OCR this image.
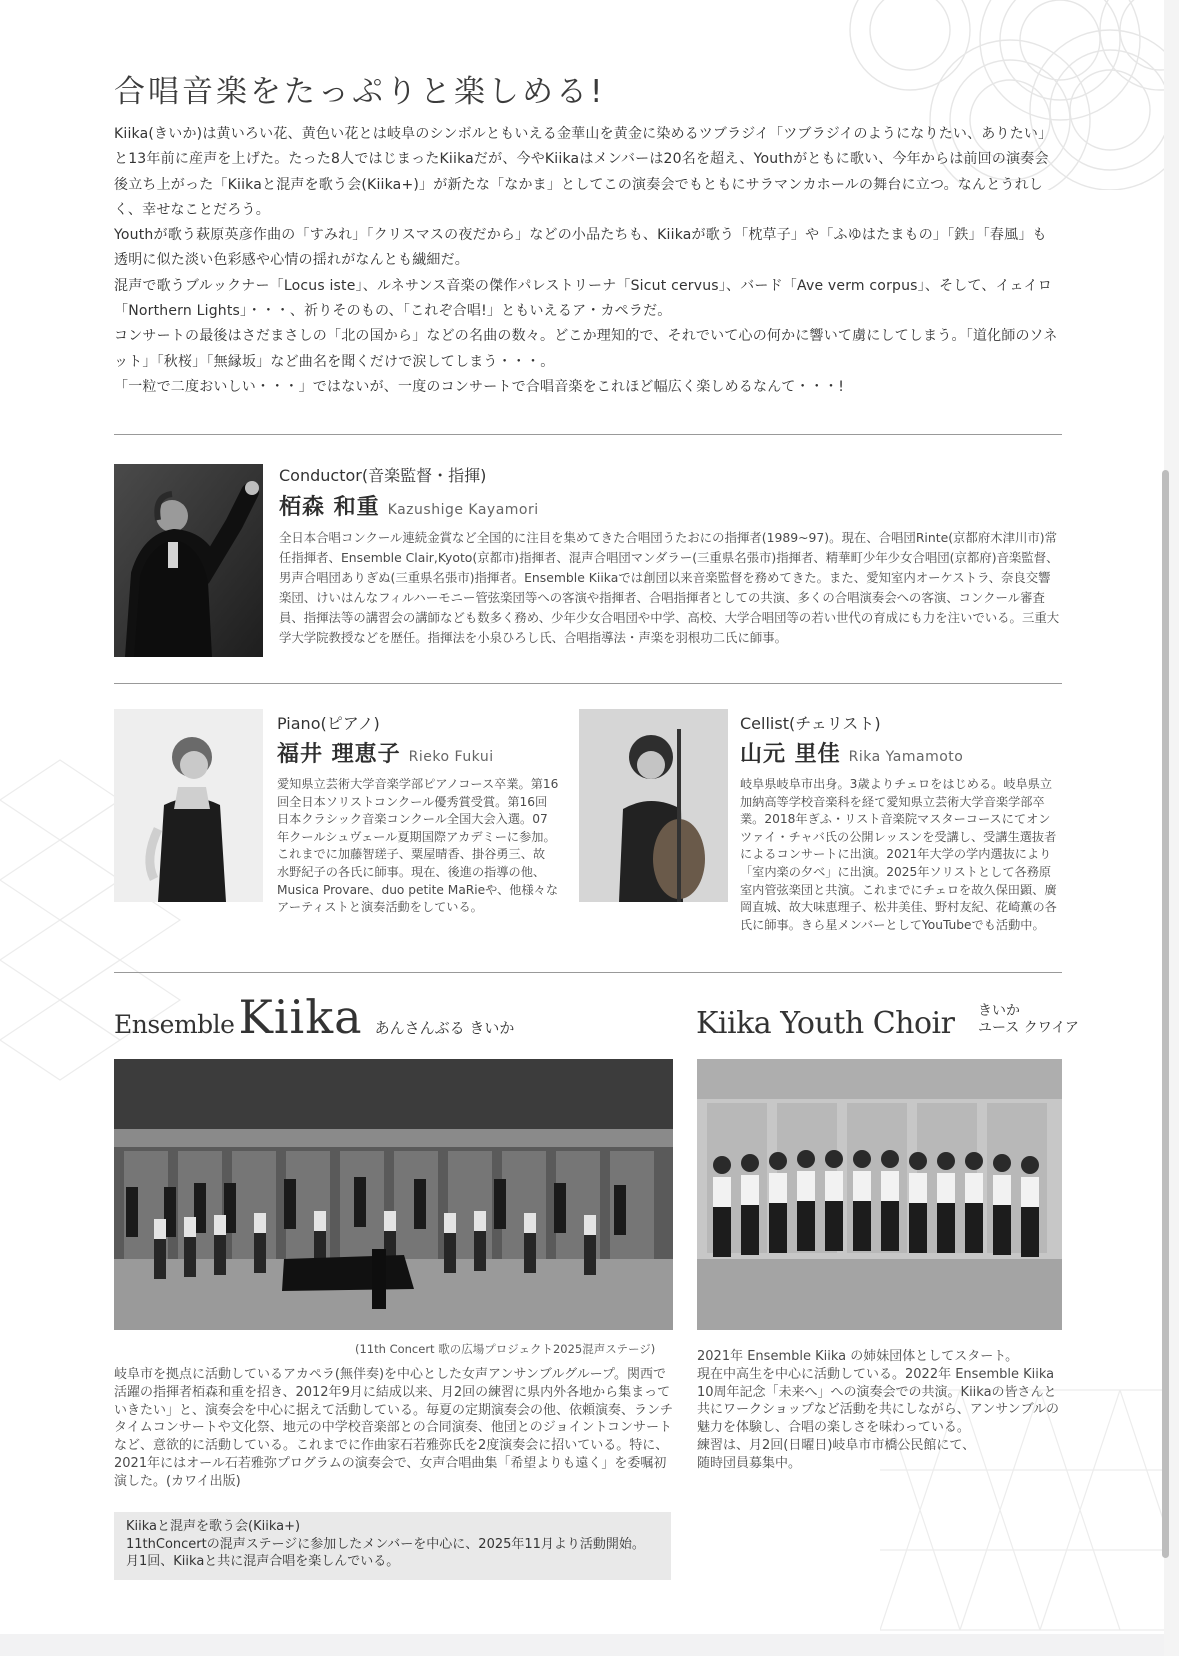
合唱音楽をたっぷりと楽しめる!

Kiika(きいか)は黄いろい花、黄色い花とは岐阜のシンボルともいえる金華山を黄金に染めるツブラジイ「ツブラジイのようになりたい、ありたい」と13年前に産声を上げた。たった8人ではじまったKiikaだが、今やKiikaはメンバーは20名を超え、Youthがともに歌い、今年からは前回の演奏会後立ち上がった「Kiikaと混声を歌う会(Kiika+)」が新たな「なかま」としてこの演奏会でもともにサラマンカホールの舞台に立つ。なんとうれしく、幸せなことだろう。

Youthが歌う萩原英彦作曲の「すみれ」「クリスマスの夜だから」などの小品たちも、Kiikaが歌う「枕草子」や「ふゆはたまもの」「鉄」「春風」も透明に似た淡い色彩感や心情の揺れがなんとも繊細だ。

混声で歌うブルックナー「Locus iste」、ルネサンス音楽の傑作パレストリーナ「Sicut cervus」、バード「Ave verm corpus」、そして、イェイロ「Northern Lights」・・・、祈りそのもの、「これぞ合唱!」ともいえるア・カペラだ。

コンサートの最後はさだまさしの「北の国から」などの名曲の数々。どこか理知的で、それでいて心の何かに響いて虜にしてしまう。「道化師のソネット」「秋桜」「無縁坂」など曲名を聞くだけで涙してしまう・・・。

「一粒で二度おいしい・・・」ではないが、一度のコンサートで合唱音楽をこれほど幅広く楽しめるなんて・・・!

Conductor(音楽監督・指揮)
栢森 和重 Kazushige Kayamori
全日本合唱コンクール連続金賞など全国的に注目を集めてきた合唱団うたおにの指揮者(1989~97)。現在、合唱団Rinte(京都府木津川市)常任指揮者、Ensemble Clair,Kyoto(京都市)指揮者、混声合唱団マンダラー(三重県名張市)指揮者、精華町少年少女合唱団(京都府)音楽監督、男声合唱団ありぎぬ(三重県名張市)指揮者。Ensemble Kiikaでは創団以来音楽監督を務めてきた。また、愛知室内オーケストラ、奈良交響楽団、けいはんなフィルハーモニー管弦楽団等への客演や指揮者、合唱指揮者としての共演、多くの合唱演奏会への客演、コンクール審査員、指揮法等の講習会の講師なども数多く務め、少年少女合唱団や中学、高校、大学合唱団等の若い世代の育成にも力を注いでいる。三重大学大学院教授などを歴任。指揮法を小泉ひろし氏、合唱指導法・声楽を羽根功二氏に師事。
Piano(ピアノ)
福井 理恵子 Rieko Fukui
愛知県立芸術大学音楽学部ピアノコース卒業。第16回全日本ソリストコンクール優秀賞受賞。第16回日本クラシック音楽コンクール全国大会入選。07年クールシュヴェール夏期国際アカデミーに参加。これまでに加藤智瑳子、粟屋晴香、掛谷勇三、故 水野紀子の各氏に師事。現在、後進の指導の他、Musica Provare、duo petite MaRieや、他様々なアーティストと演奏活動をしている。
Cellist(チェリスト)
山元 里佳 Rika Yamamoto
岐阜県岐阜市出身。3歳よりチェロをはじめる。岐阜県立加納高等学校音楽科を経て愛知県立芸術大学音楽学部卒業。2018年ぎふ・リスト音楽院マスターコースにてオンツァイ・チャバ氏の公開レッスンを受講し、受講生選抜者によるコンサートに出演。2021年大学の学内選抜により「室内楽の夕べ」に出演。2025年ソリストとして各務原室内管弦楽団と共演。これまでにチェロを故久保田顕、廣岡直城、故大味恵理子、松井美佳、野村友紀、花崎薫の各氏に師事。きら星メンバーとしてYouTubeでも活動中。
EnsembleKiika あんさんぶる きいか	Kiika Youth Choir きいか
ユース クワイア
(11th Concert 歌の広場プロジェクト2025混声ステージ)
岐阜市を拠点に活動しているアカペラ(無伴奏)を中心とした女声アンサンブルグループ。関西で活躍の指揮者栢森和重を招き、2012年9月に結成以来、月2回の練習に県内外各地から集まっていきたい」と、演奏会を中心に据えて活動している。毎夏の定期演奏会の他、依頼演奏、ランチタイムコンサートや文化祭、地元の中学校音楽部との合同演奏、他団とのジョイントコンサートなど、意欲的に活動している。これまでに作曲家石若雅弥氏を2度演奏会に招いている。特に、2021年にはオール石若雅弥プログラムの演奏会で、女声合唱曲集「希望よりも遠く」を委嘱初演した。(カワイ出版)
Kiikaと混声を歌う会(Kiika+)
11thConcertの混声ステージに参加したメンバーを中心に、2025年11月より活動開始。
月1回、Kiikaと共に混声合唱を楽しんでいる。
2021年 Ensemble Kiika の姉妹団体としてスタート。
現在中高生を中心に活動している。2022年 Ensemble Kiika 10周年記念「未来へ」への演奏会での共演。Kiikaの皆さんと共にワークショップなど活動を共にしながら、アンサンブルの魅力を体験し、合唱の楽しさを味わっている。
練習は、月2回(日曜日)岐阜市市橋公民館にて、
随時団員募集中。
